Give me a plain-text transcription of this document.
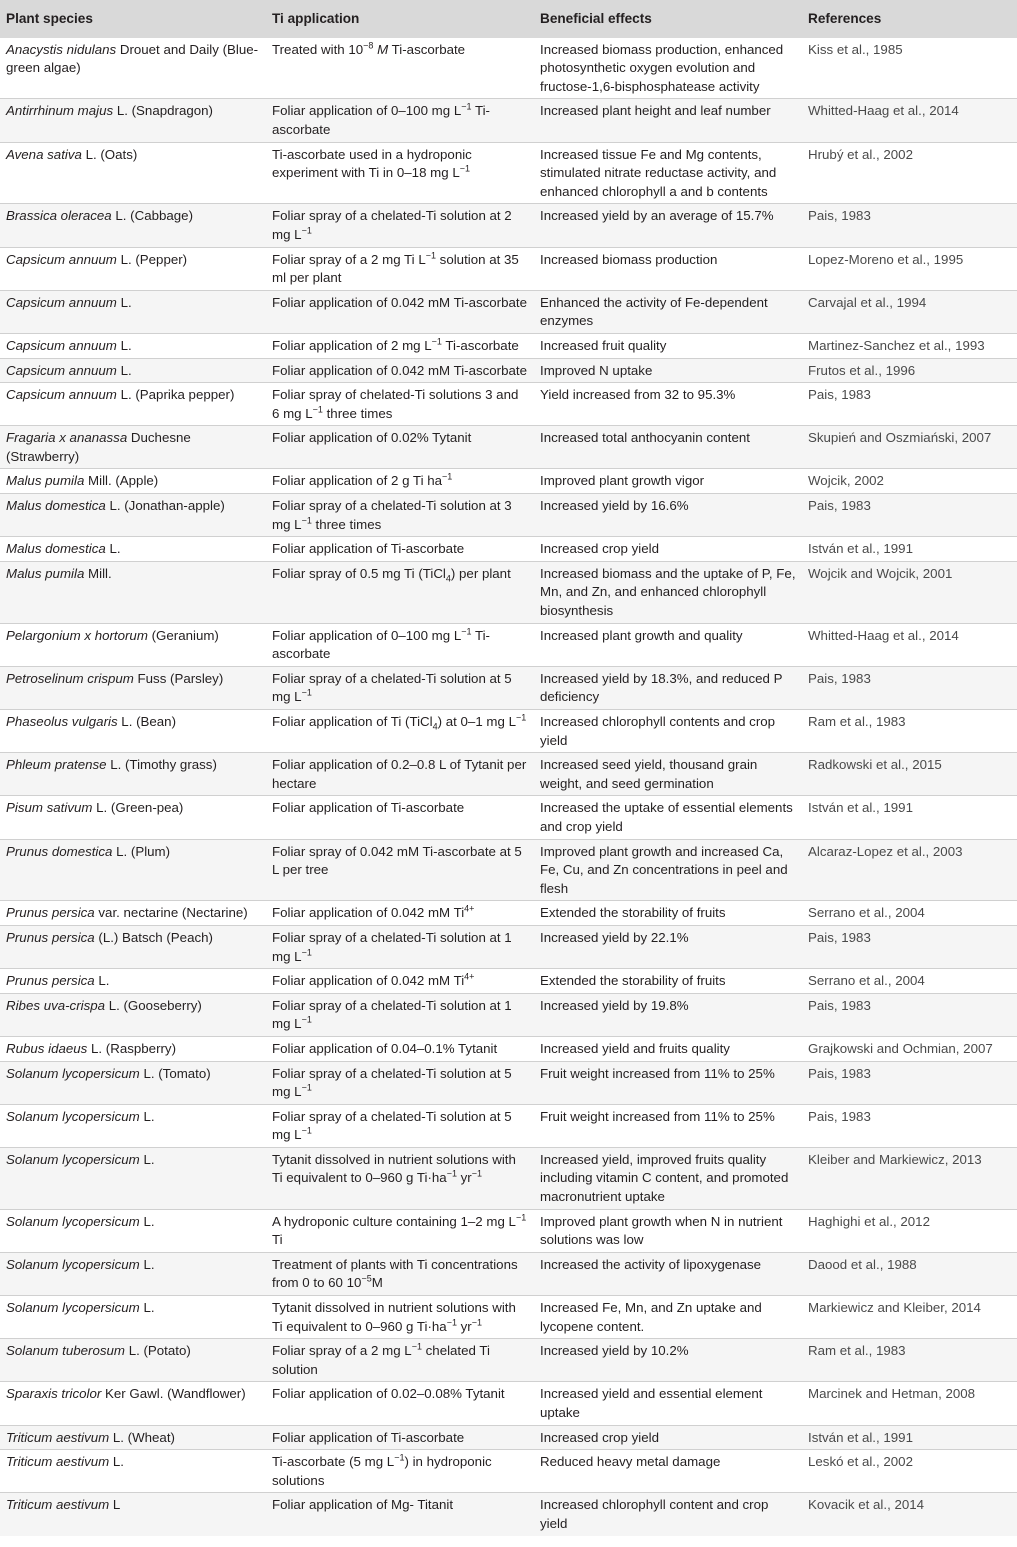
Plant species	Ti application	Beneficial effects	References
Anacystis nidulans Drouet and Daily (Blue-green algae)	Treated with $10^{-8}$ M Ti-ascorbate	Increased biomass production, enhanced photosynthetic oxygen evolution and fructose-1,6-bisphosphatease activity	Kiss et al., 1985
Antirrhinum majus L. (Snapdragon)	Foliar application of 0–100 mg $L^{-1}$ Ti-ascorbate	Increased plant height and leaf number	Whitted-Haag et al., 2014
Avena sativa L. (Oats)	Ti-ascorbate used in a hydroponic experiment with Ti in 0–18 mg $L^{-1}$	Increased tissue Fe and Mg contents, stimulated nitrate reductase activity, and enhanced chlorophyll a and b contents	Hrubý et al., 2002
Brassica oleracea L. (Cabbage)	Foliar spray of a chelated-Ti solution at 2 mg $L^{-1}$	Increased yield by an average of 15.7%	Pais, 1983
Capsicum annuum L. (Pepper)	Foliar spray of a 2 mg Ti $L^{-1}$ solution at 35 ml per plant	Increased biomass production	Lopez-Moreno et al., 1995
Capsicum annuum L.	Foliar application of 0.042 mM Ti-ascorbate	Enhanced the activity of Fe-dependent enzymes	Carvajal et al., 1994
Capsicum annuum L.	Foliar application of 2 mg $L^{-1}$ Ti-ascorbate	Increased fruit quality	Martinez-Sanchez et al., 1993
Capsicum annuum L.	Foliar application of 0.042 mM Ti-ascorbate	Improved N uptake	Frutos et al., 1996
Capsicum annuum L. (Paprika pepper)	Foliar spray of chelated-Ti solutions 3 and 6 mg $L^{-1}$ three times	Yield increased from 32 to 95.3%	Pais, 1983
Fragaria x ananassa Duchesne (Strawberry)	Foliar application of 0.02% Tytanit	Increased total anthocyanin content	Skupień and Oszmiański, 2007
Malus pumila Mill. (Apple)	Foliar application of 2 g Ti $ha^{-1}$	Improved plant growth vigor	Wojcik, 2002
Malus domestica L. (Jonathan-apple)	Foliar spray of a chelated-Ti solution at 3 mg $L^{-1}$ three times	Increased yield by 16.6%	Pais, 1983
Malus domestica L.	Foliar application of Ti-ascorbate	Increased crop yield	István et al., 1991
Malus pumila Mill.	Foliar spray of 0.5 mg Ti (TiCl$_4$) per plant	Increased biomass and the uptake of P, Fe, Mn, and Zn, and enhanced chlorophyll biosynthesis	Wojcik and Wojcik, 2001
Pelargonium x hortorum (Geranium)	Foliar application of 0–100 mg $L^{-1}$ Ti-ascorbate	Increased plant growth and quality	Whitted-Haag et al., 2014
Petroselinum crispum Fuss (Parsley)	Foliar spray of a chelated-Ti solution at 5 mg $L^{-1}$	Increased yield by 18.3%, and reduced P deficiency	Pais, 1983
Phaseolus vulgaris L. (Bean)	Foliar application of Ti (TiCl$_4$) at 0–1 mg $L^{-1}$	Increased chlorophyll contents and crop yield	Ram et al., 1983
Phleum pratense L. (Timothy grass)	Foliar application of 0.2–0.8 L of Tytanit per hectare	Increased seed yield, thousand grain weight, and seed germination	Radkowski et al., 2015
Pisum sativum L. (Green-pea)	Foliar application of Ti-ascorbate	Increased the uptake of essential elements and crop yield	István et al., 1991
Prunus domestica L. (Plum)	Foliar spray of 0.042 mM Ti-ascorbate at 5 L per tree	Improved plant growth and increased Ca, Fe, Cu, and Zn concentrations in peel and flesh	Alcaraz-Lopez et al., 2003
Prunus persica var. nectarine (Nectarine)	Foliar application of 0.042 mM $Ti^{4+}$	Extended the storability of fruits	Serrano et al., 2004
Prunus persica (L.) Batsch (Peach)	Foliar spray of a chelated-Ti solution at 1 mg $L^{-1}$	Increased yield by 22.1%	Pais, 1983
Prunus persica L.	Foliar application of 0.042 mM $Ti^{4+}$	Extended the storability of fruits	Serrano et al., 2004
Ribes uva-crispa L. (Gooseberry)	Foliar spray of a chelated-Ti solution at 1 mg $L^{-1}$	Increased yield by 19.8%	Pais, 1983
Rubus idaeus L. (Raspberry)	Foliar application of 0.04–0.1% Tytanit	Increased yield and fruits quality	Grajkowski and Ochmian, 2007
Solanum lycopersicum L. (Tomato)	Foliar spray of a chelated-Ti solution at 5 mg $L^{-1}$	Fruit weight increased from 11% to 25%	Pais, 1983
Solanum lycopersicum L.	Foliar spray of a chelated-Ti solution at 5 mg $L^{-1}$	Fruit weight increased from 11% to 25%	Pais, 1983
Solanum lycopersicum L.	Tytanit dissolved in nutrient solutions with Ti equivalent to 0–960 g $Ti\cdot ha^{-1}$ $yr^{-1}$	Increased yield, improved fruits quality including vitamin C content, and promoted macronutrient uptake	Kleiber and Markiewicz, 2013
Solanum lycopersicum L.	A hydroponic culture containing 1–2 mg $L^{-1}$ Ti	Improved plant growth when N in nutrient solutions was low	Haghighi et al., 2012
Solanum lycopersicum L.	Treatment of plants with Ti concentrations from 0 to 60 $10^{-5}M$	Increased the activity of lipoxygenase	Daood et al., 1988
Solanum lycopersicum L.	Tytanit dissolved in nutrient solutions with Ti equivalent to 0–960 g $Ti\cdot ha^{-1}$ $yr^{-1}$	Increased Fe, Mn, and Zn uptake and lycopene content.	Markiewicz and Kleiber, 2014
Solanum tuberosum L. (Potato)	Foliar spray of a 2 mg $L^{-1}$ chelated Ti solution	Increased yield by 10.2%	Ram et al., 1983
Sparaxis tricolor Ker Gawl. (Wandflower)	Foliar application of 0.02–0.08% Tytanit	Increased yield and essential element uptake	Marcinek and Hetman, 2008
Triticum aestivum L. (Wheat)	Foliar application of Ti-ascorbate	Increased crop yield	István et al., 1991
Triticum aestivum L.	Ti-ascorbate (5 mg $L^{-1}$) in hydroponic solutions	Reduced heavy metal damage	Leskó et al., 2002
Triticum aestivum L	Foliar application of Mg- Titanit	Increased chlorophyll content and crop yield	Kovacik et al., 2014
